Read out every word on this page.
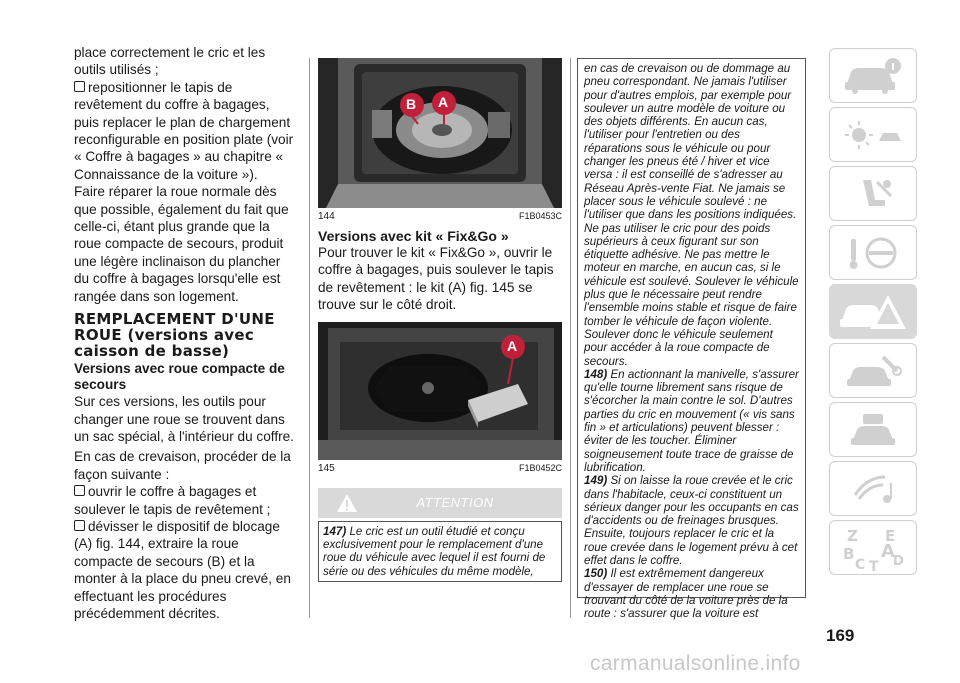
place correctement le cric et les outils utilisés ;

repositionner le tapis de revêtement du coffre à bagages, puis replacer le plan de chargement reconfigurable en position plate (voir « Coffre à bagages » au chapitre « Connaissance de la voiture »).

Faire réparer la roue normale dès que possible, également du fait que celle-ci, étant plus grande que la roue compacte de secours, produit une légère inclinaison du plancher du coffre à bagages lorsqu'elle est rangée dans son logement.

REMPLACEMENT D'UNE ROUE (versions avec caisson de basse)
Versions avec roue compacte de secours

Sur ces versions, les outils pour changer une roue se trouvent dans un sac spécial, à l'intérieur du coffre.

En cas de crevaison, procéder de la façon suivante :

ouvrir le coffre à bagages et soulever le tapis de revêtement ;

dévisser le dispositif de blocage (A) fig. 144, extraire la roue compacte de secours (B) et la monter à la place du pneu crevé, en effectuant les procédures précédemment décrites.

B A
144	F1B0453C
Versions avec kit « Fix&Go »

Pour trouver le kit « Fix&Go », ouvrir le coffre à bagages, puis soulever le tapis de revêtement : le kit (A) fig. 145 se trouve sur le côté droit.

A
145	F1B0452C
ATTENTION

147) Le cric est un outil étudié et conçu exclusivement pour le remplacement d'une roue du véhicule avec lequel il est fourni de série ou des véhicules du même modèle,

en cas de crevaison ou de dommage au pneu correspondant. Ne jamais l'utiliser pour d'autres emplois, par exemple pour soulever un autre modèle de voiture ou des objets différents. En aucun cas, l'utiliser pour l'entretien ou des réparations sous le véhicule ou pour changer les pneus été / hiver et vice versa : il est conseillé de s'adresser au Réseau Après-vente Fiat. Ne jamais se placer sous le véhicule soulevé : ne l'utiliser que dans les positions indiquées. Ne pas utiliser le cric pour des poids supérieurs à ceux figurant sur son étiquette adhésive. Ne pas mettre le moteur en marche, en aucun cas, si le véhicule est soulevé. Soulever le véhicule plus que le nécessaire peut rendre l'ensemble moins stable et risque de faire tomber le véhicule de façon violente. Soulever donc le véhicule seulement pour accéder à la roue compacte de secours.

148) En actionnant la manivelle, s'assurer qu'elle tourne librement sans risque de s'écorcher la main contre le sol. D'autres parties du cric en mouvement (« vis sans fin » et articulations) peuvent blesser : éviter de les toucher. Éliminer soigneusement toute trace de graisse de lubrification.

149) Si on laisse la roue crevée et le cric dans l'habitacle, ceux-ci constituent un sérieux danger pour les occupants en cas d'accidents ou de freinages brusques. Ensuite, toujours replacer le cric et la roue crevée dans le logement prévu à cet effet dans le coffre.

150) Il est extrêmement dangereux d'essayer de remplacer une roue se trouvant du côté de la voiture près de la route : s'assurer que la voiture est

Z E
B A
C T D
169
carmanualsonline.info
